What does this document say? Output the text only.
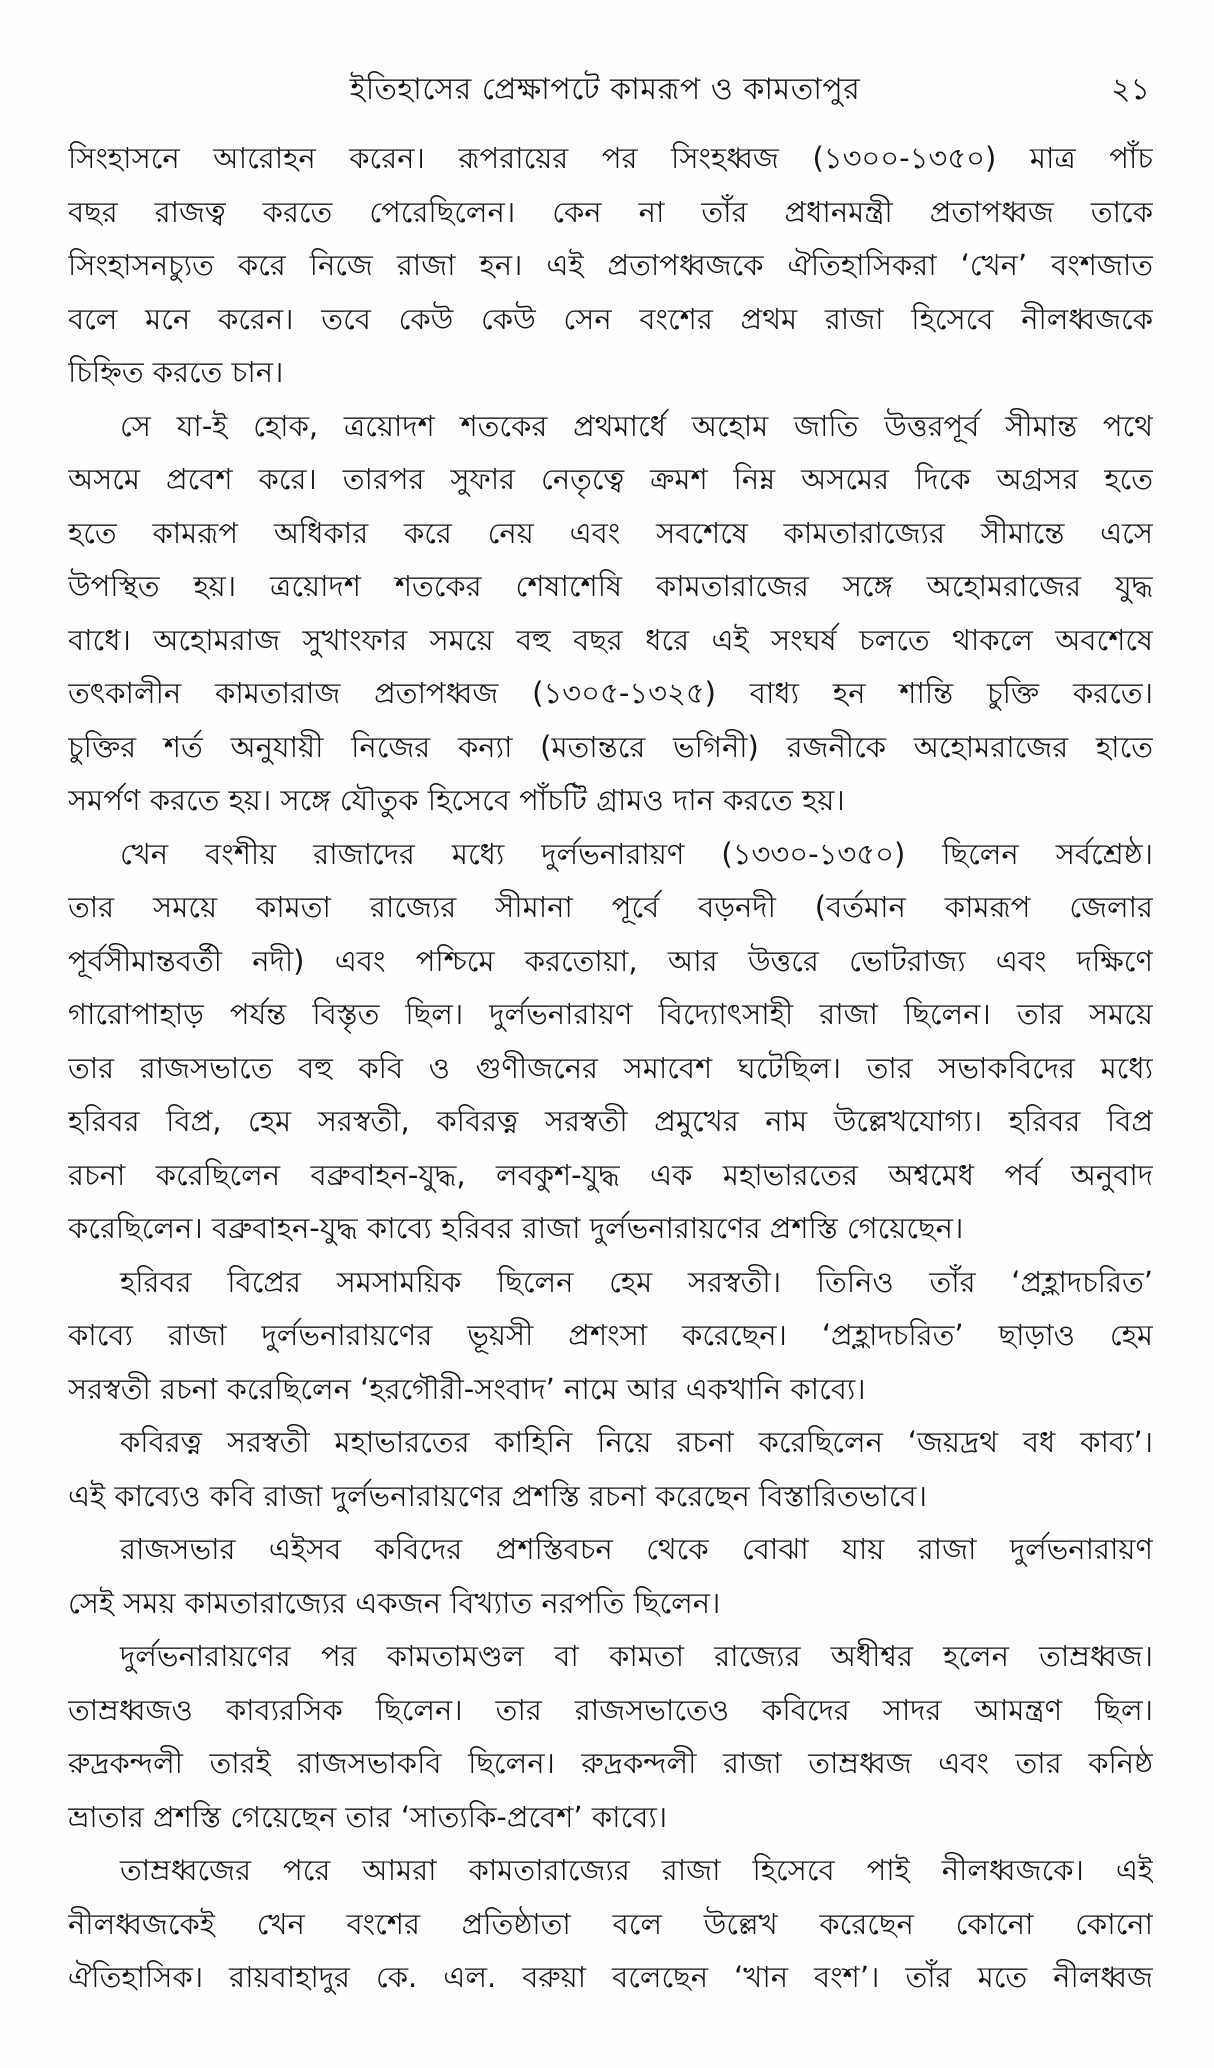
ইতিহাসের প্রেক্ষাপটে কামরূপ ও কামতাপুর	২১
সিংহাসনে আরোহন করেন। রূপরায়ের পর সিংহধ্বজ (১৩০০-১৩৫০) মাত্র পাঁচ
বছর রাজত্ব করতে পেরেছিলেন। কেন না তাঁর প্রধানমন্ত্রী প্রতাপধ্বজ তাকে
সিংহাসনচ্যুত করে নিজে রাজা হন। এই প্রতাপধ্বজকে ঐতিহাসিকরা ‘খেন’ বংশজাত
বলে মনে করেন। তবে কেউ কেউ সেন বংশের প্রথম রাজা হিসেবে নীলধ্বজকে
চিহ্নিত করতে চান।
সে যা-ই হোক, ত্রয়োদশ শতকের প্রথমার্ধে অহোম জাতি উত্তরপূর্ব সীমান্ত পথে
অসমে প্রবেশ করে। তারপর সুফার নেতৃত্বে ক্রমশ নিম্ন অসমের দিকে অগ্রসর হতে
হতে কামরূপ অধিকার করে নেয় এবং সবশেষে কামতারাজ্যের সীমান্তে এসে
উপস্থিত হয়। ত্রয়োদশ শতকের শেষাশেষি কামতারাজের সঙ্গে অহোমরাজের যুদ্ধ
বাধে। অহোমরাজ সুখাংফার সময়ে বহু বছর ধরে এই সংঘর্ষ চলতে থাকলে অবশেষে
তৎকালীন কামতারাজ প্রতাপধ্বজ (১৩০৫-১৩২৫) বাধ্য হন শান্তি চুক্তি করতে।
চুক্তির শর্ত অনুযায়ী নিজের কন্যা (মতান্তরে ভগিনী) রজনীকে অহোমরাজের হাতে
সমর্পণ করতে হয়। সঙ্গে যৌতুক হিসেবে পাঁচটি গ্রামও দান করতে হয়।
খেন বংশীয় রাজাদের মধ্যে দুর্লভনারায়ণ (১৩৩০-১৩৫০) ছিলেন সর্বশ্রেষ্ঠ।
তার সময়ে কামতা রাজ্যের সীমানা পূর্বে বড়নদী (বর্তমান কামরূপ জেলার
পূর্বসীমান্তবর্তী নদী) এবং পশ্চিমে করতোয়া, আর উত্তরে ভোটরাজ্য এবং দক্ষিণে
গারোপাহাড় পর্যন্ত বিস্তৃত ছিল। দুর্লভনারায়ণ বিদ্যোৎসাহী রাজা ছিলেন। তার সময়ে
তার রাজসভাতে বহু কবি ও গুণীজনের সমাবেশ ঘটেছিল। তার সভাকবিদের মধ্যে
হরিবর বিপ্র, হেম সরস্বতী, কবিরত্ন সরস্বতী প্রমুখের নাম উল্লেখযোগ্য। হরিবর বিপ্র
রচনা করেছিলেন বব্রুবাহন-যুদ্ধ, লবকুশ-যুদ্ধ এক মহাভারতের অশ্বমেধ পর্ব অনুবাদ
করেছিলেন। বব্রুবাহন-যুদ্ধ কাব্যে হরিবর রাজা দুর্লভনারায়ণের প্রশস্তি গেয়েছেন।
হরিবর বিপ্রের সমসাময়িক ছিলেন হেম সরস্বতী। তিনিও তাঁর ‘প্রহ্লাদচরিত’
কাব্যে রাজা দুর্লভনারায়ণের ভূয়সী প্রশংসা করেছেন। ‘প্রহ্লাদচরিত’ ছাড়াও হেম
সরস্বতী রচনা করেছিলেন ‘হরগৌরী-সংবাদ’ নামে আর একখানি কাব্যে।
কবিরত্ন সরস্বতী মহাভারতের কাহিনি নিয়ে রচনা করেছিলেন ‘জয়দ্রথ বধ কাব্য’।
এই কাব্যেও কবি রাজা দুর্লভনারায়ণের প্রশস্তি রচনা করেছেন বিস্তারিতভাবে।
রাজসভার এইসব কবিদের প্রশস্তিবচন থেকে বোঝা যায় রাজা দুর্লভনারায়ণ
সেই সময় কামতারাজ্যের একজন বিখ্যাত নরপতি ছিলেন।
দুর্লভনারায়ণের পর কামতামণ্ডল বা কামতা রাজ্যের অধীশ্বর হলেন তাম্রধ্বজ।
তাম্রধ্বজও কাব্যরসিক ছিলেন। তার রাজসভাতেও কবিদের সাদর আমন্ত্রণ ছিল।
রুদ্রকন্দলী তারই রাজসভাকবি ছিলেন। রুদ্রকন্দলী রাজা তাম্রধ্বজ এবং তার কনিষ্ঠ
ভ্রাতার প্রশস্তি গেয়েছেন তার ‘সাত্যকি-প্রবেশ’ কাব্যে।
তাম্রধ্বজের পরে আমরা কামতারাজ্যের রাজা হিসেবে পাই নীলধ্বজকে। এই
নীলধ্বজকেই খেন বংশের প্রতিষ্ঠাতা বলে উল্লেখ করেছেন কোনো কোনো
ঐতিহাসিক। রায়বাহাদুর কে. এল. বরুয়া বলেছেন ‘খান বংশ’। তাঁর মতে নীলধ্বজ
